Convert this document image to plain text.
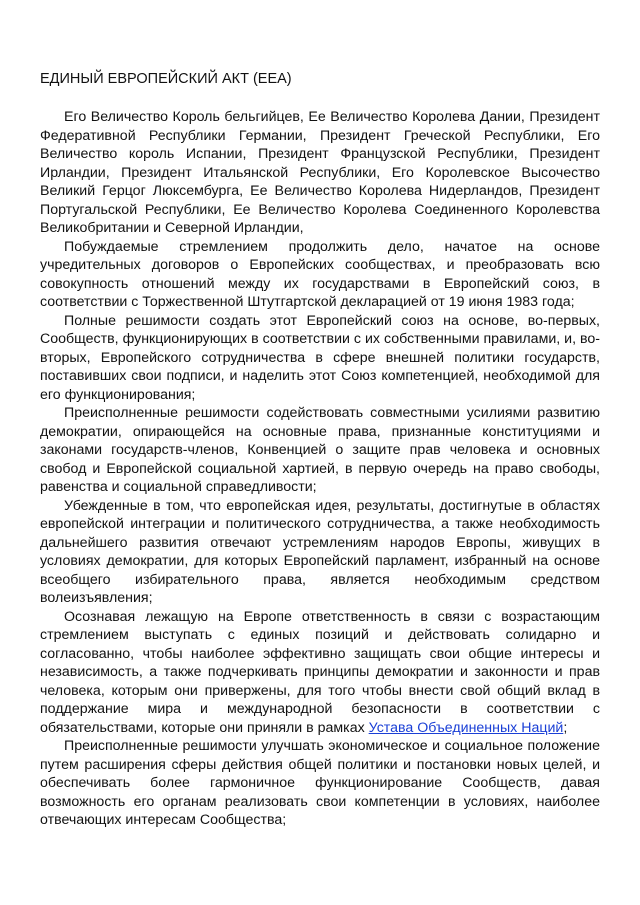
ЕДИНЫЙ ЕВРОПЕЙСКИЙ АКТ (ЕЕА)

Его Величество Король бельгийцев, Ее Величество Королева Дании, Президент Федеративной Республики Германии, Президент Греческой Республики, Его Величество король Испании, Президент Французской Республики, Президент Ирландии, Президент Итальянской Республики, Его Королевское Высочество Великий Герцог Люксембурга, Ее Величество Королева Нидерландов, Президент Португальской Республики, Ее Величество Королева Соединенного Королевства Великобритании и Северной Ирландии,

Побуждаемые стремлением продолжить дело, начатое на основе учредительных договоров о Европейских сообществах, и преобразовать всю совокупность отношений между их государствами в Европейский союз, в соответствии с Торжественной Штутгартской декларацией от 19 июня 1983 года;

Полные решимости создать этот Европейский союз на основе, во-первых, Сообществ, функционирующих в соответствии с их собственными правилами, и, во-вторых, Европейского сотрудничества в сфере внешней политики государств, поставивших свои подписи, и наделить этот Союз компетенцией, необходимой для его функционирования;

Преисполненные решимости содействовать совместными усилиями развитию демократии, опирающейся на основные права, признанные конституциями и законами государств-членов, Конвенцией о защите прав человека и основных свобод и Европейской социальной хартией, в первую очередь на право свободы, равенства и социальной справедливости;

Убежденные в том, что европейская идея, результаты, достигнутые в областях европейской интеграции и политического сотрудничества, а также необходимость дальнейшего развития отвечают устремлениям народов Европы, живущих в условиях демократии, для которых Европейский парламент, избранный на основе всеобщего избирательного права, является необходимым средством волеизъявления;

Осознавая лежащую на Европе ответственность в связи с возрастающим стремлением выступать с единых позиций и действовать солидарно и согласованно, чтобы наиболее эффективно защищать свои общие интересы и независимость, а также подчеркивать принципы демократии и законности и прав человека, которым они привержены, для того чтобы внести свой общий вклад в поддержание мира и международной безопасности в соответствии с обязательствами, которые они приняли в рамках Устава Объединенных Наций;

Преисполненные решимости улучшать экономическое и социальное положение путем расширения сферы действия общей политики и постановки новых целей, и обеспечивать более гармоничное функционирование Сообществ, давая возможность его органам реализовать свои компетенции в условиях, наиболее отвечающих интересам Сообщества;
